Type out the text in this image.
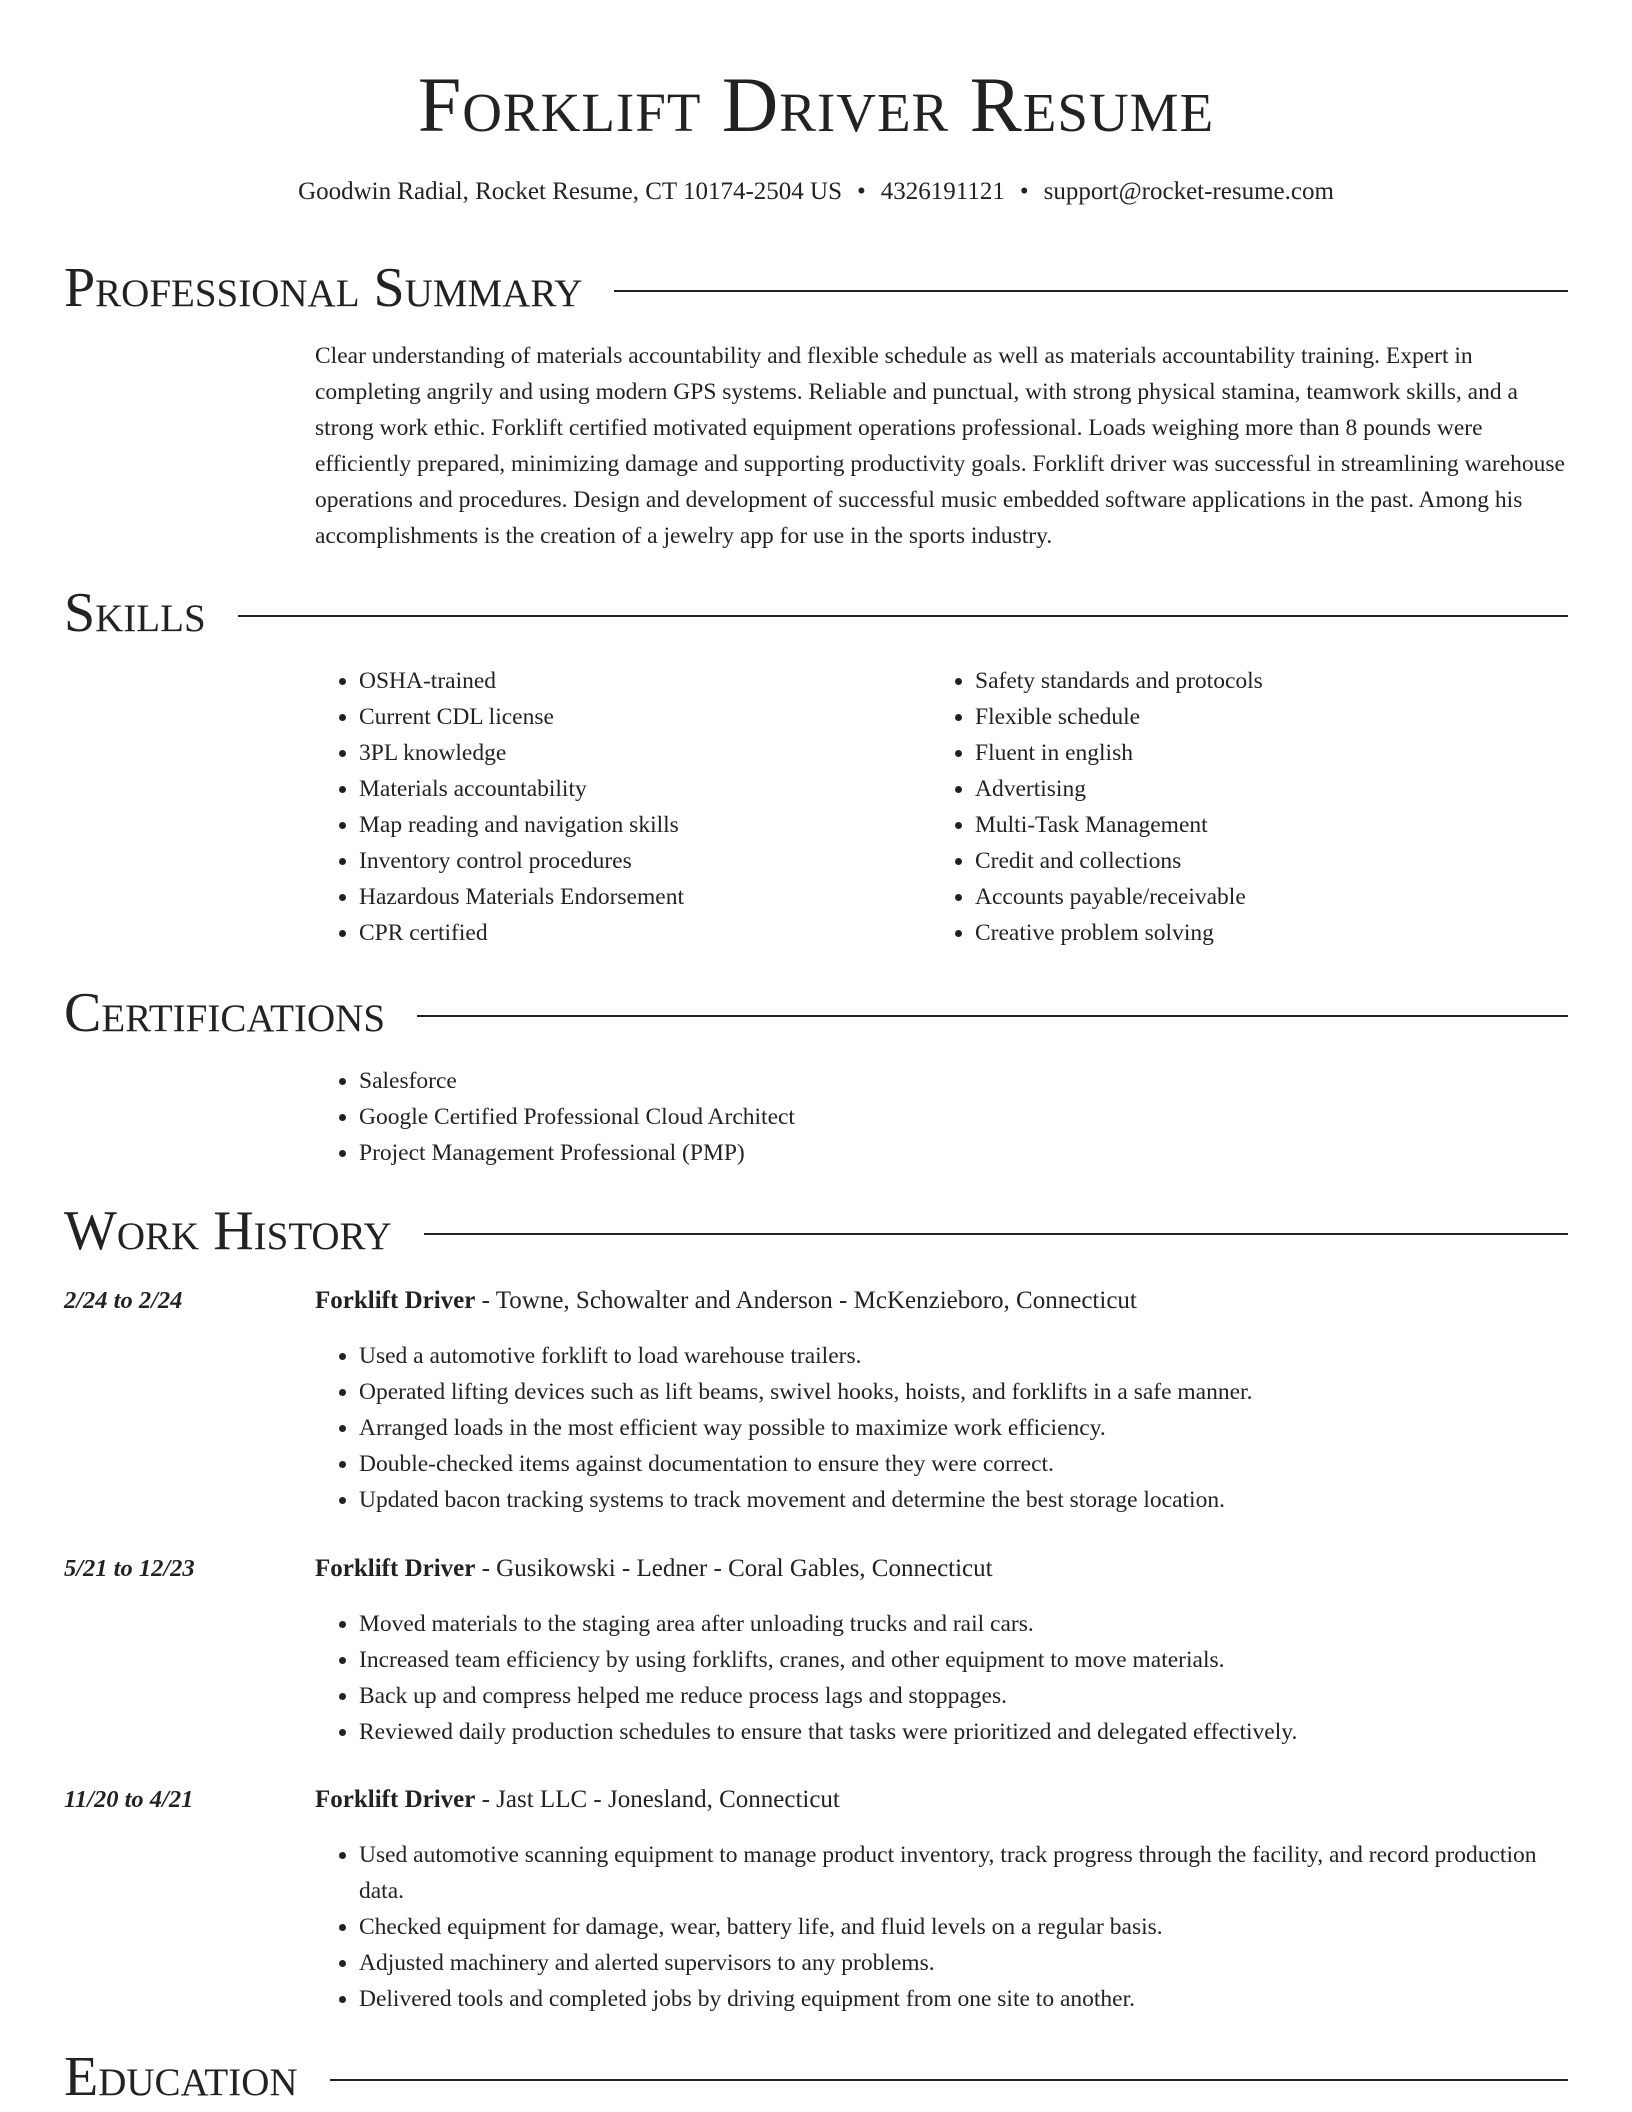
Forklift Driver Resume
Goodwin Radial, Rocket Resume, CT 10174-2504 US • 4326191121 • support@rocket-resume.com
Professional Summary

Clear understanding of materials accountability and flexible schedule as well as materials accountability training. Expert in completing angrily and using modern GPS systems. Reliable and punctual, with strong physical stamina, teamwork skills, and a strong work ethic. Forklift certified motivated equipment operations professional. Loads weighing more than 8 pounds were efficiently prepared, minimizing damage and supporting productivity goals. Forklift driver was successful in streamlining warehouse operations and procedures. Design and development of successful music embedded software applications in the past. Among his accomplishments is the creation of a jewelry app for use in the sports industry.

Skills
• OSHA-trained
• Current CDL license
• 3PL knowledge
• Materials accountability
• Map reading and navigation skills
• Inventory control procedures
• Hazardous Materials Endorsement
• CPR certified
• Safety standards and protocols
• Flexible schedule
• Fluent in english
• Advertising
• Multi-Task Management
• Credit and collections
• Accounts payable/receivable
• Creative problem solving
Certifications
• Salesforce
• Google Certified Professional Cloud Architect
• Project Management Professional (PMP)
Work History
2/24 to 2/24	Forklift Driver - Towne, Schowalter and Anderson - McKenzieboro, Connecticut
• Used a automotive forklift to load warehouse trailers.
• Operated lifting devices such as lift beams, swivel hooks, hoists, and forklifts in a safe manner.
• Arranged loads in the most efficient way possible to maximize work efficiency.
• Double-checked items against documentation to ensure they were correct.
• Updated bacon tracking systems to track movement and determine the best storage location.
5/21 to 12/23	Forklift Driver - Gusikowski - Ledner - Coral Gables, Connecticut
• Moved materials to the staging area after unloading trucks and rail cars.
• Increased team efficiency by using forklifts, cranes, and other equipment to move materials.
• Back up and compress helped me reduce process lags and stoppages.
• Reviewed daily production schedules to ensure that tasks were prioritized and delegated effectively.
11/20 to 4/21	Forklift Driver - Jast LLC - Jonesland, Connecticut
• Used automotive scanning equipment to manage product inventory, track progress through the facility, and record production data.
• Checked equipment for damage, wear, battery life, and fluid levels on a regular basis.
• Adjusted machinery and alerted supervisors to any problems.
• Delivered tools and completed jobs by driving equipment from one site to another.
Education
